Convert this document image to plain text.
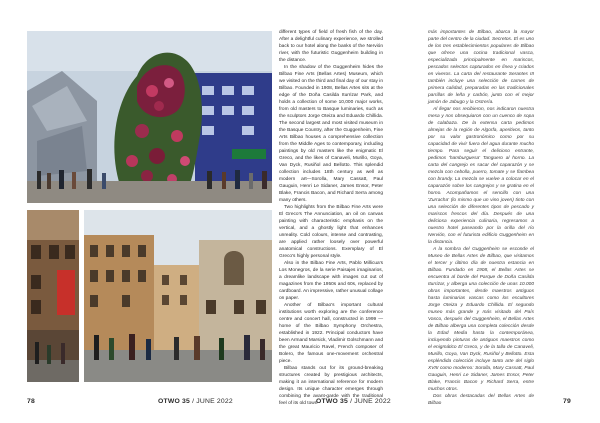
different types of field of fresh fish of the day. After a delightful culinary experience, we strolled back to our hotel along the banks of the Nervión river, with the futuristic Guggenheim building in the distance.

In the shadow of the Guggenheim hides the Bilbao Fine Arts (Bellas Artes) Museum, which we visited on the third and final day of our stay in Bilbao. Founded in 1908, Bellas Artes sits at the edge of the Doña Casilda Iturrizar Park, and holds a collection of some 10,000 major works, from old masters to Basque luminaries, such as the sculptors Jorge Oteiza and Eduardo Chillida. The second largest and most visited museum in the Basque Country, after the Guggenheim, Fine Arts Bilbao houses a comprehensive collection from the Middle Ages to contemporary, including paintings by old masters like the enigmatic El Greco, and the likes of Canaveli, Murillo, Goya, Van Dyck, Rusiñol and Bellotto. This splendid collection includes 18th century as well as modern art—Sorolla, Mary Cassatt, Paul Gauguin, Henri Le Sidaner, James Ensor, Peter Blake, Francis Bacon, and Richard Serra among many others.

Two highlights from the Bilbao Fine Arts were El Greco's The Annunciation, an oil on canvas painting with characteristic emphasis on the vertical, and a ghostly light that enhances unreality. Cold colours, intense and contrasting, are applied rather loosely over powerful anatomical constructions. Exemplary of El Greco's highly personal style.

Also in the Bilbao Fine Arts, Pablo Millicua's Los Monegros, de la serie Paisajes imaginarios, a dreamlike landscape with images cut out of magazines from the 1950s and 60s, replaced by cardboard. An impressive, rather unusual collage on paper.

Another of Bilbao's important cultural institutions worth exploring are the conference centre and concert hall, constructed in 1999 — home of the Bilbao Symphony Orchestra, established in 1922. Principal conductors have been Armand Marsick, Vladimir Golschmann and the great Mauricio Ravel, French composer of Bolero, the famous one-movement orchestral piece.

Bilbao stands out for its ground-breaking structures created by prestigious architects, making it an international reference for modern design. Its unique character emerges through combining the avant-garde with the traditional feel of its old town

más importantes de Bilbao, abarca la mayor parte del centro de la ciudad. Secretos. El es uno de los tres establecimientos populares de Bilbao que ofrece una cocina tradicional vasca, especializada principalmente en mariscos, pescados selectos capturados en línea y criados en viveros. La carta del restaurante Serantes III también incluye una selección de carnes de primera calidad, preparadas en las tradicionales parrillas de leña y carbón, junto con el mejor jamón de Jabugo y la Ostrería.

Al llegar nos recibieron, nos indicaron nuestra mesa y nos obsequiaron con un cuenco de sopa de calabaza. De la extensa carta pedimos almejas de la región de Algorfa, aperitivos, tanto por su valor gastronómico como por su capacidad de vivir fuera del agua durante mucho tiempo. Para seguir el delicioso entrante, pedimos 'hamburguesa' Tanguero al horno. La carta del cangrejo es sacar del caparazón y se mezcla con cebolla, puerro, tomate y se flambea con brandy. La mezcla se vuelve a colocar en el caparazón sobre los cangrejos y se gratina en el horno. Acompañamos el sencillo con una 'Zurracha' (lo mismo que un vino joven) tinto con una selección de diferentes tipos de pescado y mariscos frescos del día. Después de una deliciosa experiencia culinaria, regresamos a nuestro hotel paseando por la orilla del río Nervión, con el futurista edificio Guggenheim en la distancia.

A la sombra del Guggenheim se esconde el Museo de Bellas Artes de Bilbao, que visitamos el tercer y último día de nuestra estancia en Bilbao. Fundado en 1908, el Bellas Artes se encuentra al borde del Parque de Doña Casilda Iturrizar, y alberga una colección de unas 10.000 obras importantes, desde maestros antiguos hasta luminarias vascas como los escultores Jorge Oteiza y Eduardo Chillida. El segundo museo más grande y más visitado del País Vasco, después del Guggenheim, el Bellas Artes de Bilbao alberga una completa colección desde la Edad Media hasta la contemporánea, incluyendo pinturas de antiguos maestros como el enigmático El Greco, y de la talla de Canaveli, Murillo, Goya, Van Dyck, Rusiñol y Bellotto. Esta espléndida colección incluye tanto arte del siglo XVIII como moderno: Sorolla, Mary Cassatt, Paul Gauguin, Henri Le Sidaner, James Ensor, Peter Blake, Francis Bacon y Richard Serra, entre muchos otros.

Dos obras destacadas del Bellas Artes de Bilbao

78	OTWO 35 / JUNE 2022	OTWO 35 / JUNE 2022	79
